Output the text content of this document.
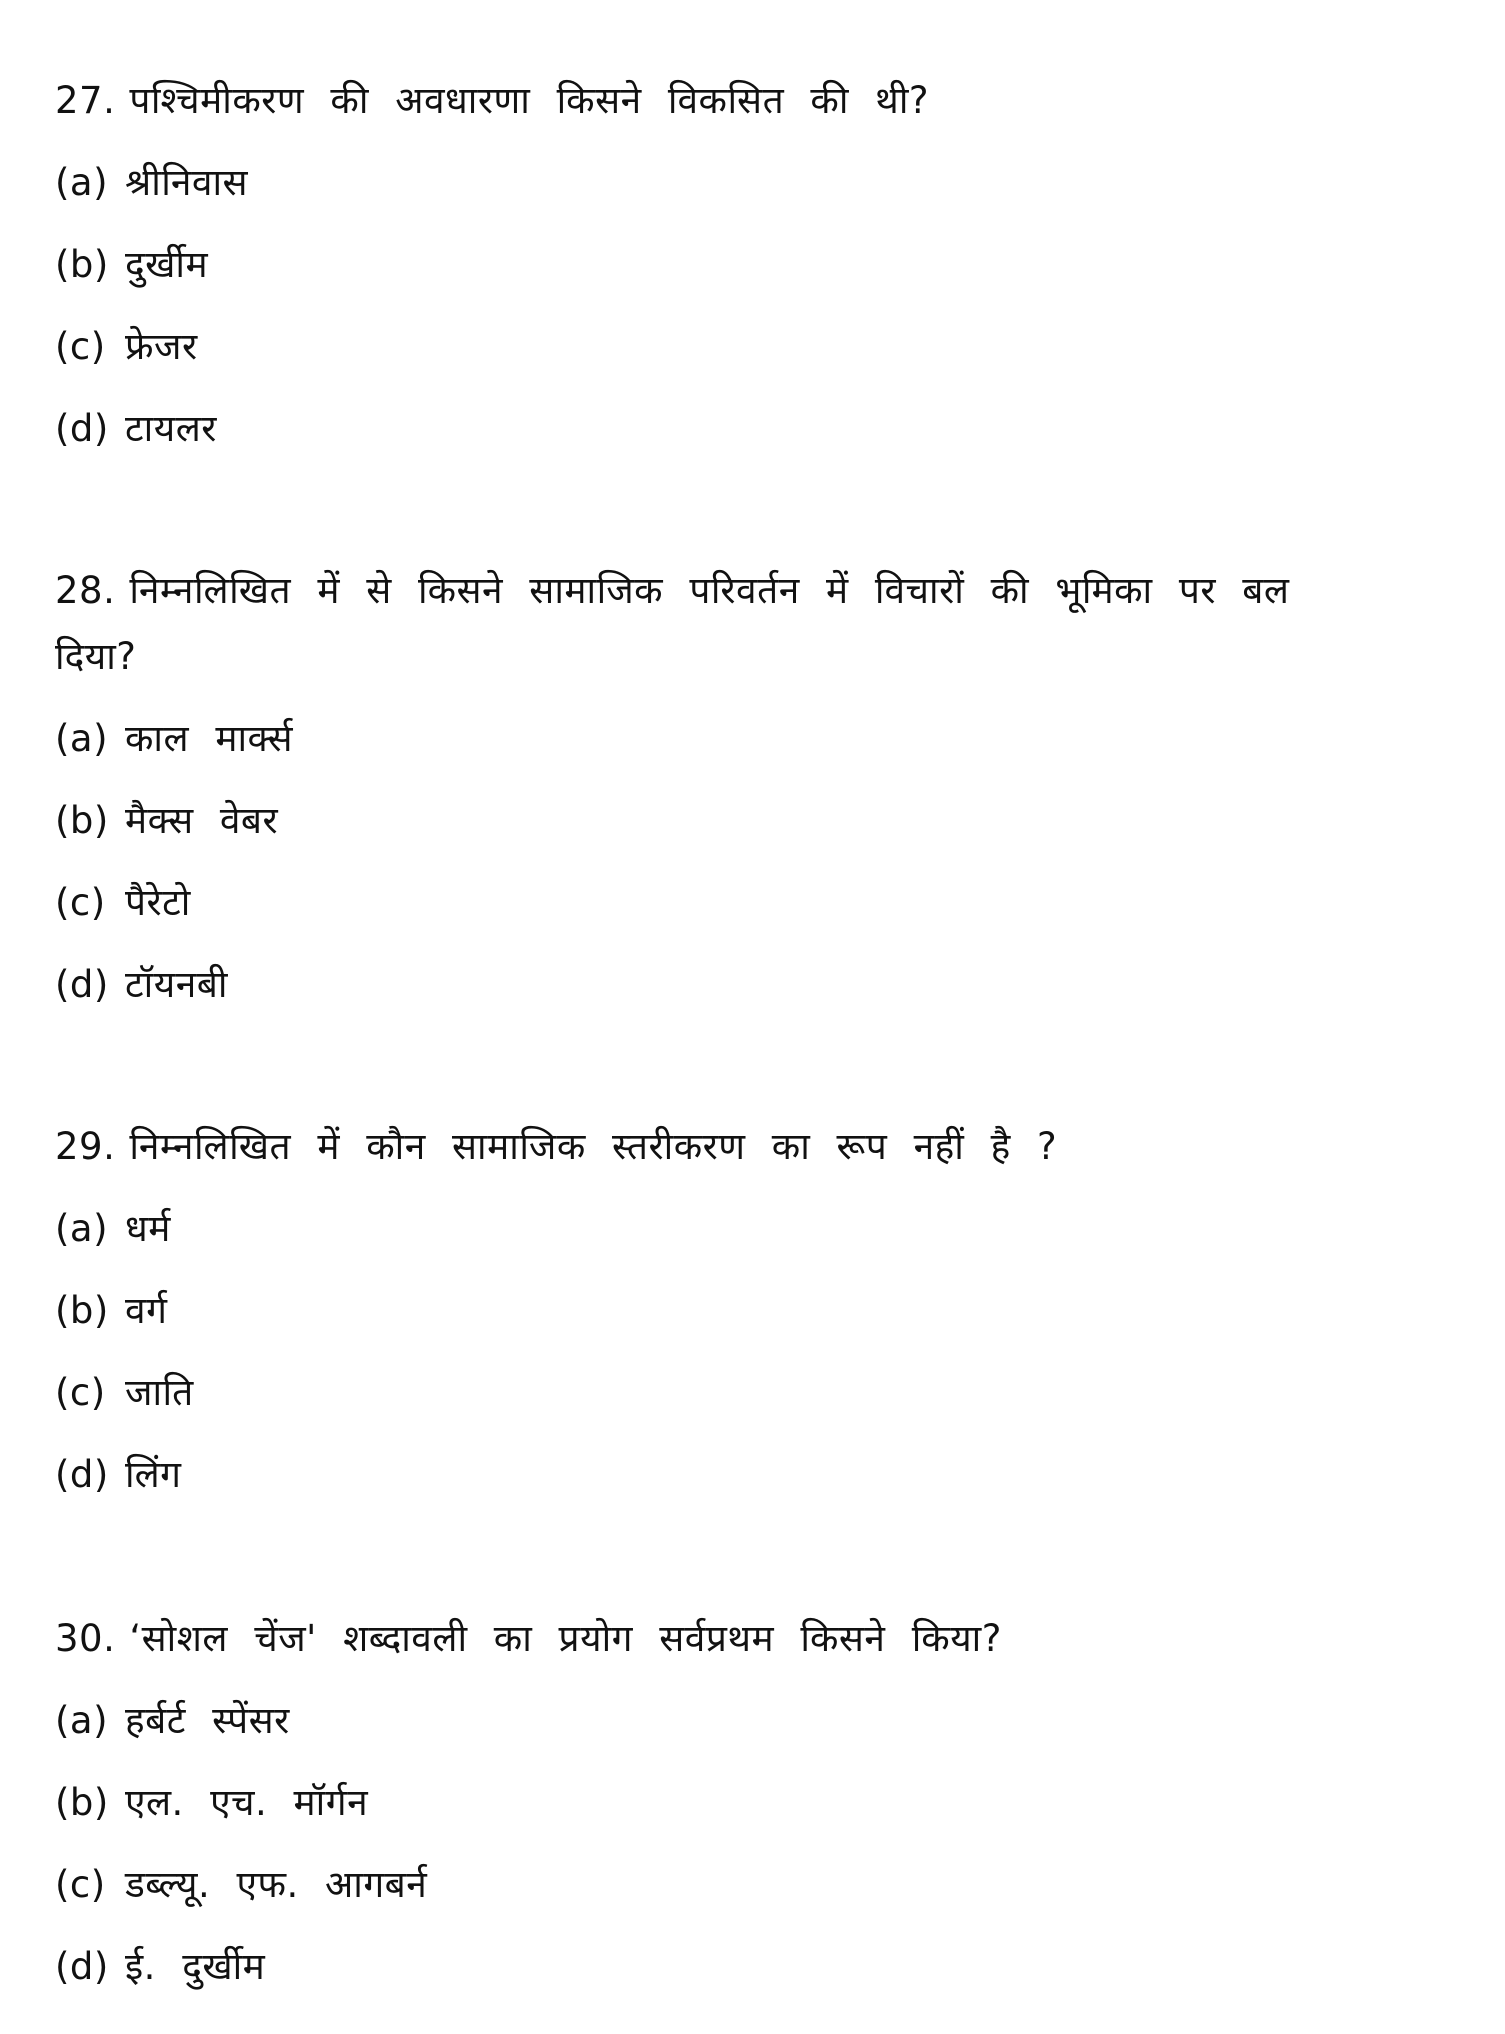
27. पश्चिमीकरण की अवधारणा किसने विकसित की थी?
(a) श्रीनिवास
(b) दुर्खीम
(c) फ्रेजर
(d) टायलर
28. निम्नलिखित में से किसने सामाजिक परिवर्तन में विचारों की भूमिका पर बल दिया?
(a) काल मार्क्स
(b) मैक्स वेबर
(c) पैरेटो
(d) टॉयनबी
29. निम्नलिखित में कौन सामाजिक स्तरीकरण का रूप नहीं है ?
(a) धर्म
(b) वर्ग
(c) जाति
(d) लिंग
30. ‘सोशल चेंज' शब्दावली का प्रयोग सर्वप्रथम किसने किया?
(a) हर्बर्ट स्पेंसर
(b) एल. एच. मॉर्गन
(c) डब्ल्यू. एफ. आगबर्न
(d) ई. दुर्खीम
